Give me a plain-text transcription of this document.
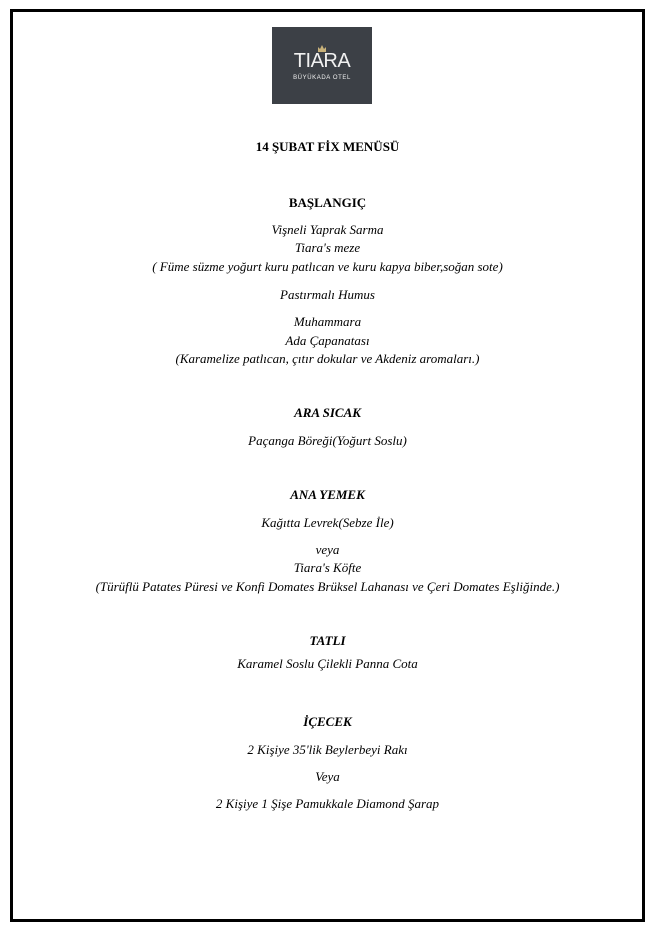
TIARA
BÜYÜKADA OTEL
14 ŞUBAT FİX MENÜSÜ
BAŞLANGIÇ
Vişneli Yaprak Sarma
Tiara's meze
( Füme süzme yoğurt kuru patlıcan ve kuru kapya biber,soğan sote)
Pastırmalı Humus
Muhammara
Ada Çapanatası
(Karamelize patlıcan, çıtır dokular ve Akdeniz aromaları.)
ARA SICAK
Paçanga Böreği(Yoğurt Soslu)
ANA YEMEK
Kağıtta Levrek(Sebze İle)
veya
Tiara's Köfte
(Türüflü Patates Püresi ve Konfi Domates Brüksel Lahanası ve Çeri Domates Eşliğinde.)
TATLI
Karamel Soslu Çilekli Panna Cota
İÇECEK
2 Kişiye 35'lik Beylerbeyi Rakı
Veya
2 Kişiye 1 Şişe Pamukkale Diamond Şarap
